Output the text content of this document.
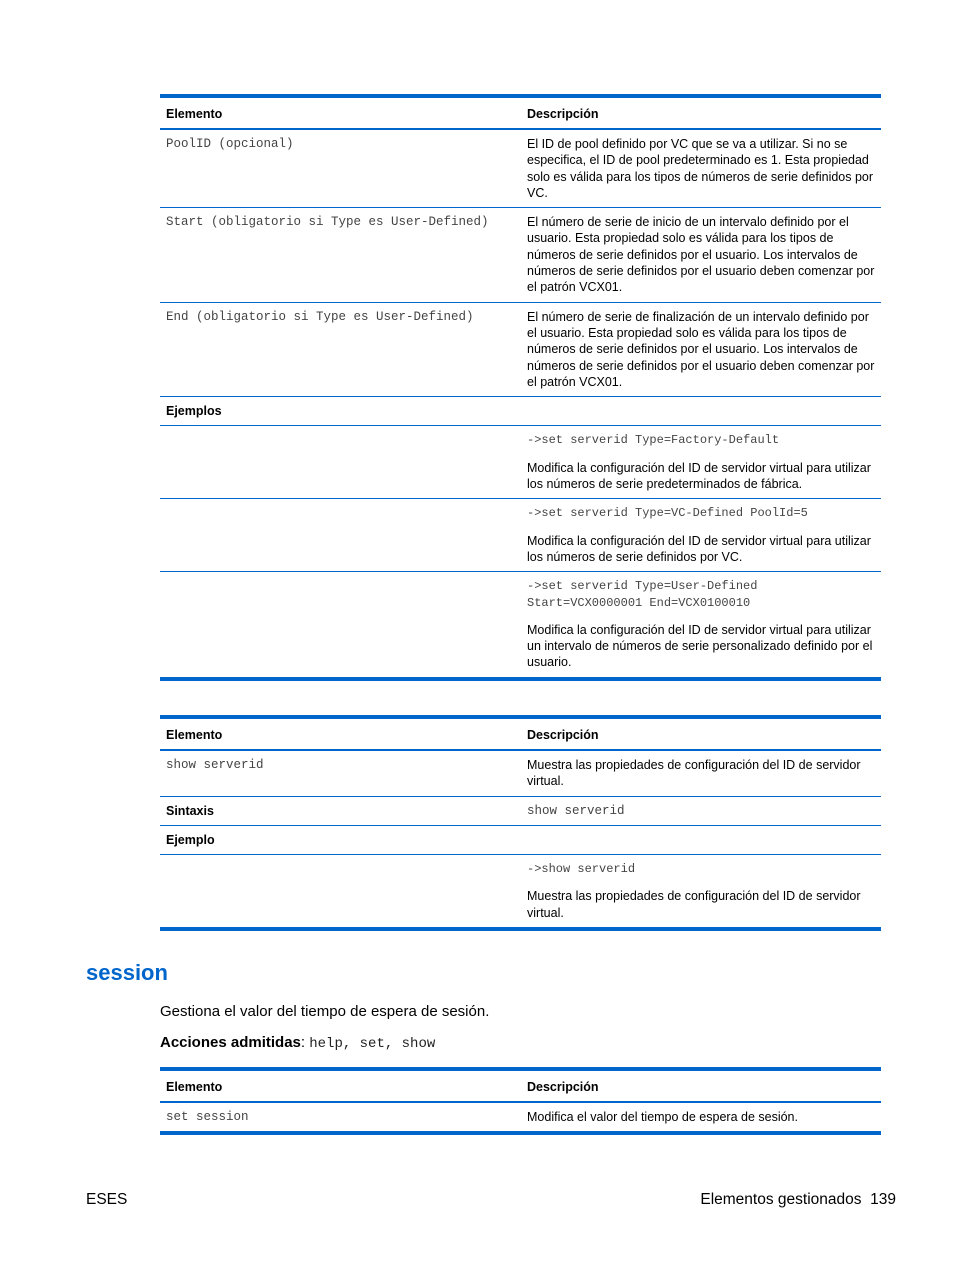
Elemento	Descripción
PoolID (opcional)	El ID de pool definido por VC que se va a utilizar. Si no se especifica, el ID de pool predeterminado es 1. Esta propiedad solo es válida para los tipos de números de serie definidos por VC.
Start (obligatorio si Type es User-Defined)	El número de serie de inicio de un intervalo definido por el usuario. Esta propiedad solo es válida para los tipos de números de serie definidos por el usuario. Los intervalos de números de serie definidos por el usuario deben comenzar por el patrón VCX01.
End (obligatorio si Type es User-Defined)	El número de serie de finalización de un intervalo definido por el usuario. Esta propiedad solo es válida para los tipos de números de serie definidos por el usuario. Los intervalos de números de serie definidos por el usuario deben comenzar por el patrón VCX01.
Ejemplos	

	->set serverid Type=Factory-Default
Modifica la configuración del ID de servidor virtual para utilizar los números de serie predeterminados de fábrica.

	->set serverid Type=VC-Defined PoolId=5
Modifica la configuración del ID de servidor virtual para utilizar los números de serie definidos por VC.

	->set serverid Type=User-Defined Start=VCX0000001 End=VCX0100010
Modifica la configuración del ID de servidor virtual para utilizar un intervalo de números de serie personalizado definido por el usuario.
Elemento	Descripción
show serverid	Muestra las propiedades de configuración del ID de servidor virtual.
Sintaxis	show serverid
Ejemplo	

	->show serverid
Muestra las propiedades de configuración del ID de servidor virtual.
session

Gestiona el valor del tiempo de espera de sesión.

Acciones admitidas: help, set, show

Elemento	Descripción
set session	Modifica el valor del tiempo de espera de sesión.
ESES	Elementos gestionados 139
